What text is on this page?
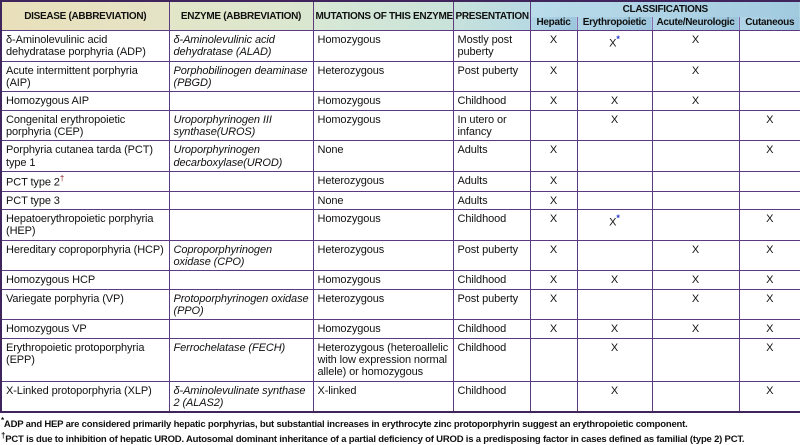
DISEASE (ABBREVIATION)	ENZYME (ABBREVIATION)	MUTATIONS OF THIS ENZYME	PRESENTATION	CLASSIFICATIONS			
				Hepatic	Erythropoietic	Acute/Neurologic	Cutaneous
δ-Aminolevulinic acid dehydratase porphyria (ADP)	δ-Aminolevulinic acid dehydratase (ALAD)	Homozygous	Mostly post puberty	X	X*	X	
Acute intermittent porphyria (AIP)	Porphobilinogen deaminase (PBGD)	Heterozygous	Post puberty	X		X	
Homozygous AIP		Homozygous	Childhood	X	X	X	
Congenital erythropoietic porphyria (CEP)	Uroporphyrinogen III synthase(UROS)	Homozygous	In utero or infancy		X		X
Porphyria cutanea tarda (PCT) type 1	Uroporphyrinogen decarboxylase(UROD)	None	Adults	X			X
PCT type 2†		Heterozygous	Adults	X			
PCT type 3		None	Adults	X			
Hepatoerythropoietic porphyria (HEP)		Homozygous	Childhood	X	X*		X
Hereditary coproporphyria (HCP)	Coproporphyrinogen oxidase (CPO)	Heterozygous	Post puberty	X		X	X
Homozygous HCP		Homozygous	Childhood	X	X	X	X
Variegate porphyria (VP)	Protoporphyrinogen oxidase (PPO)	Heterozygous	Post puberty	X		X	X
Homozygous VP		Homozygous	Childhood	X	X	X	X
Erythropoietic protoporphyria (EPP)	Ferrochelatase (FECH)	Heterozygous (heteroallelic with low expression normal allele) or homozygous	Childhood		X		X
X-Linked protoporphyria (XLP)	δ-Aminolevulinate synthase 2 (ALAS2)	X-linked	Childhood		X		X
*ADP and HEP are considered primarily hepatic porphyrias, but substantial increases in erythrocyte zinc protoporphyrin suggest an erythropoietic component.
†PCT is due to inhibition of hepatic UROD. Autosomal dominant inheritance of a partial deficiency of UROD is a predisposing factor in cases defined as familial (type 2) PCT.
